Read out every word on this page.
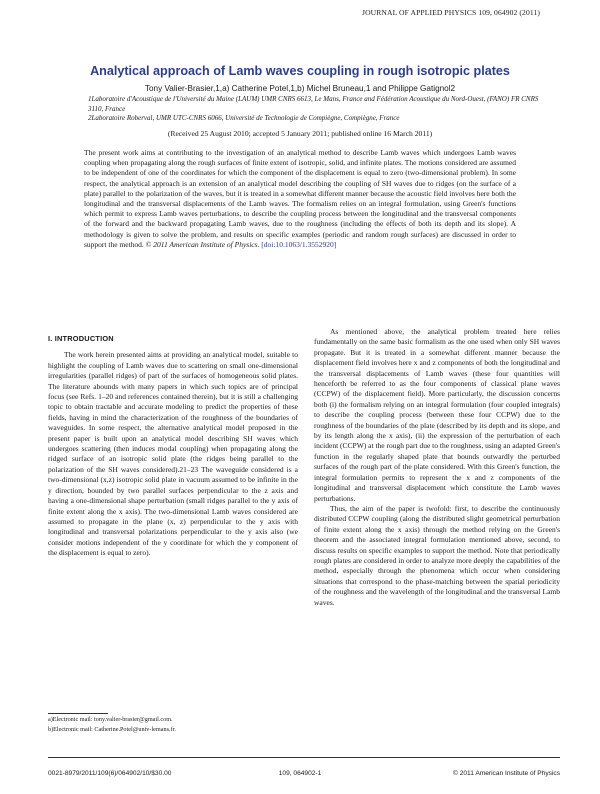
JOURNAL OF APPLIED PHYSICS 109, 064902 (2011)
Analytical approach of Lamb waves coupling in rough isotropic plates
Tony Valier-Brasier,1,a) Catherine Potel,1,b) Michel Bruneau,1 and Philippe Gatignol2
1Laboratoire d'Acoustique de l'Université du Maine (LAUM) UMR CNRS 6613, Le Mans, France and Fédération Acoustique du Nord-Ouest, (FANO) FR CNRS 3110, France
2Laboratoire Roberval, UMR UTC-CNRS 6066, Université de Technologie de Compiègne, Compiègne, France
(Received 25 August 2010; accepted 5 January 2011; published online 16 March 2011)
The present work aims at contributing to the investigation of an analytical method to describe Lamb waves which undergoes Lamb waves coupling when propagating along the rough surfaces of finite extent of isotropic, solid, and infinite plates. The motions considered are assumed to be independent of one of the coordinates for which the component of the displacement is equal to zero (two-dimensional problem). In some respect, the analytical approach is an extension of an analytical model describing the coupling of SH waves due to ridges (on the surface of a plate) parallel to the polarization of the waves, but it is treated in a somewhat different manner because the acoustic field involves here both the longitudinal and the transversal displacements of the Lamb waves. The formalism relies on an integral formulation, using Green's functions which permit to express Lamb waves perturbations, to describe the coupling process between the longitudinal and the transversal components of the forward and the backward propagating Lamb waves, due to the roughness (including the effects of both its depth and its slope). A methodology is given to solve the problem, and results on specific examples (periodic and random rough surfaces) are discussed in order to support the method. © 2011 American Institute of Physics. [doi:10.1063/1.3552920]
I. INTRODUCTION

The work herein presented aims at providing an analytical model, suitable to highlight the coupling of Lamb waves due to scattering on small one-dimensional irregularities (parallel ridges) of part of the surfaces of homogeneous solid plates. The literature abounds with many papers in which such topics are of principal focus (see Refs. 1–20 and references contained therein), but it is still a challenging topic to obtain tractable and accurate modeling to predict the properties of these fields, having in mind the characterization of the roughness of the boundaries of waveguides. In some respect, the alternative analytical model proposed in the present paper is built upon an analytical model describing SH waves which undergoes scattering (then induces modal coupling) when propagating along the ridged surface of an isotropic solid plate (the ridges being parallel to the polarization of the SH waves considered).21–23 The waveguide considered is a two-dimensional (x,z) isotropic solid plate in vacuum assumed to be infinite in the y direction, bounded by two parallel surfaces perpendicular to the z axis and having a one-dimensional shape perturbation (small ridges parallel to the y axis of finite extent along the x axis). The two-dimensional Lamb waves considered are assumed to propagate in the plane (x, z) perpendicular to the y axis with longitudinal and transversal polarizations perpendicular to the y axis also (we consider motions independent of the y coordinate for which the y component of the displacement is equal to zero).

As mentioned above, the analytical problem treated here relies fundamentally on the same basic formalism as the one used when only SH waves propagate. But it is treated in a somewhat different manner because the displacement field involves here x and z components of both the longitudinal and the transversal displacements of Lamb waves (these four quantities will henceforth be referred to as the four components of classical plane waves (CCPW) of the displacement field). More particularly, the discussion concerns both (i) the formalism relying on an integral formulation (four coupled integrals) to describe the coupling process (between these four CCPW) due to the roughness of the boundaries of the plate (described by its depth and its slope, and by its length along the x axis), (ii) the expression of the perturbation of each incident (CCPW) at the rough part due to the roughness, using an adapted Green's function in the regularly shaped plate that bounds outwardly the perturbed surfaces of the rough part of the plate considered. With this Green's function, the integral formulation permits to represent the x and z components of the longitudinal and transversal displacement which constitute the Lamb waves perturbations.

Thus, the aim of the paper is twofold: first, to describe the continuously distributed CCPW coupling (along the distributed slight geometrical perturbation of finite extent along the x axis) through the method relying on the Green's theorem and the associated integral formulation mentioned above, second, to discuss results on specific examples to support the method. Note that periodically rough plates are considered in order to analyze more deeply the capabilities of the method, especially through the phenomena which occur when considering situations that correspond to the phase-matching between the spatial periodicity of the roughness and the wavelength of the longitudinal and the transversal Lamb waves.

a)Electronic mail: tony.valier-brasier@gmail.com.
b)Electronic mail: Catherine.Potel@univ-lemans.fr.
0021-8979/2011/109(6)/064902/10/$30.00	109, 064902-1	© 2011 American Institute of Physics
